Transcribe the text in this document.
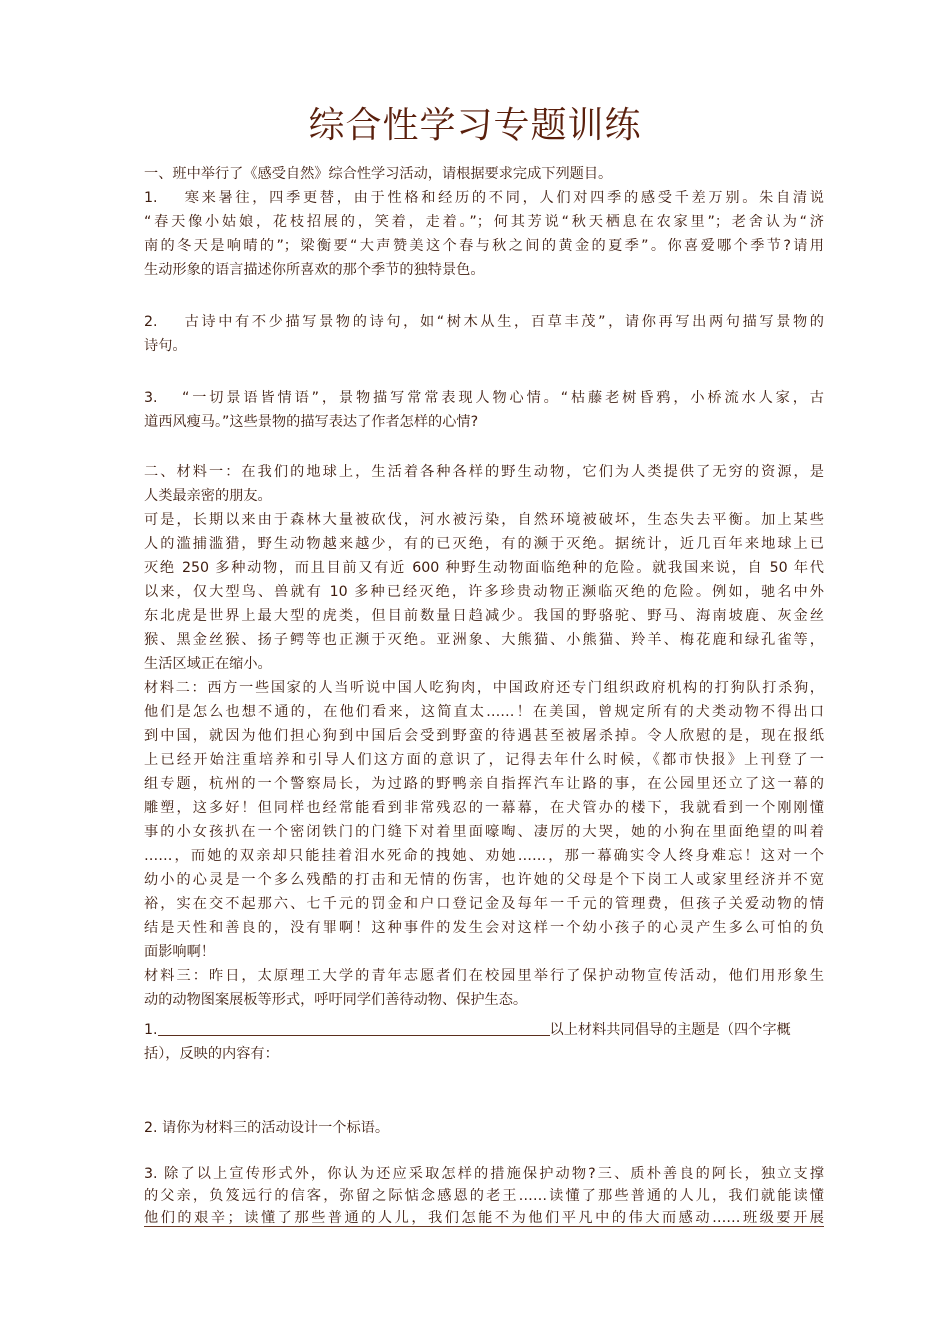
综合性学习专题训练
一、班中举行了《感受自然》综合性学习活动，请根据要求完成下列题目。
1. 寒来暑往，四季更替，由于性格和经历的不同，人们对四季的感受千差万别。朱自清说
“春天像小姑娘，花枝招展的，笑着，走着。”；何其芳说“秋天栖息在农家里”；老舍认为“济
南的冬天是响晴的”；梁衡要“大声赞美这个春与秋之间的黄金的夏季”。你喜爱哪个季节?请用
生动形象的语言描述你所喜欢的那个季节的独特景色。
2. 古诗中有不少描写景物的诗句，如“树木从生，百草丰茂”，请你再写出两句描写景物的
诗句。
3. “一切景语皆情语”，景物描写常常表现人物心情。“枯藤老树昏鸦，小桥流水人家，古
道西风瘦马。”这些景物的描写表达了作者怎样的心情?
二、材料一：在我们的地球上，生活着各种各样的野生动物，它们为人类提供了无穷的资源，是
人类最亲密的朋友。
可是，长期以来由于森林大量被砍伐，河水被污染，自然环境被破坏，生态失去平衡。加上某些
人的滥捕滥猎，野生动物越来越少，有的已灭绝，有的濒于灭绝。据统计，近几百年来地球上已
灭绝 250 多种动物，而且目前又有近 600 种野生动物面临绝种的危险。就我国来说，自 50 年代
以来，仅大型鸟、兽就有 10 多种已经灭绝，许多珍贵动物正濒临灭绝的危险。例如，驰名中外
东北虎是世界上最大型的虎类，但目前数量日趋减少。我国的野骆驼、野马、海南坡鹿、灰金丝
猴、黑金丝猴、扬子鳄等也正濒于灭绝。亚洲象、大熊猫、小熊猫、羚羊、梅花鹿和绿孔雀等，
生活区域正在缩小。
材料二：西方一些国家的人当听说中国人吃狗肉，中国政府还专门组织政府机构的打狗队打杀狗，
他们是怎么也想不通的，在他们看来，这简直太……！在美国，曾规定所有的犬类动物不得出口
到中国，就因为他们担心狗到中国后会受到野蛮的待遇甚至被屠杀掉。令人欣慰的是，现在报纸
上已经开始注重培养和引导人们这方面的意识了，记得去年什么时候，《都市快报》上刊登了一
组专题，杭州的一个警察局长，为过路的野鸭亲自指挥汽车让路的事，在公园里还立了这一幕的
雕塑，这多好！但同样也经常能看到非常残忍的一幕幕，在犬管办的楼下，我就看到一个刚刚懂
事的小女孩扒在一个密闭铁门的门缝下对着里面嚎啕、凄厉的大哭，她的小狗在里面绝望的叫着
……，而她的双亲却只能挂着泪水死命的拽她、劝她……，那一幕确实令人终身难忘！这对一个
幼小的心灵是一个多么残酷的打击和无情的伤害，也许她的父母是个下岗工人或家里经济并不宽
裕，实在交不起那六、七千元的罚金和户口登记金及每年一千元的管理费，但孩子关爱动物的情
结是天性和善良的，没有罪啊！这种事件的发生会对这样一个幼小孩子的心灵产生多么可怕的负
面影响啊！
材料三：昨日，太原理工大学的青年志愿者们在校园里举行了保护动物宣传活动，他们用形象生
动的动物图案展板等形式，呼吁同学们善待动物、保护生态。
1.	以上材料共同倡导的主题是（四个字概
括），反映的内容有：
2. 请你为材料三的活动设计一个标语。
3. 除了以上宣传形式外，你认为还应采取怎样的措施保护动物?三、质朴善良的阿长，独立支撑
的父亲，负笈远行的信客，弥留之际惦念感恩的老王……读懂了那些普通的人儿，我们就能读懂
他们的艰辛；读懂了那些普通的人儿，我们怎能不为他们平凡中的伟大而感动……班级要开展
